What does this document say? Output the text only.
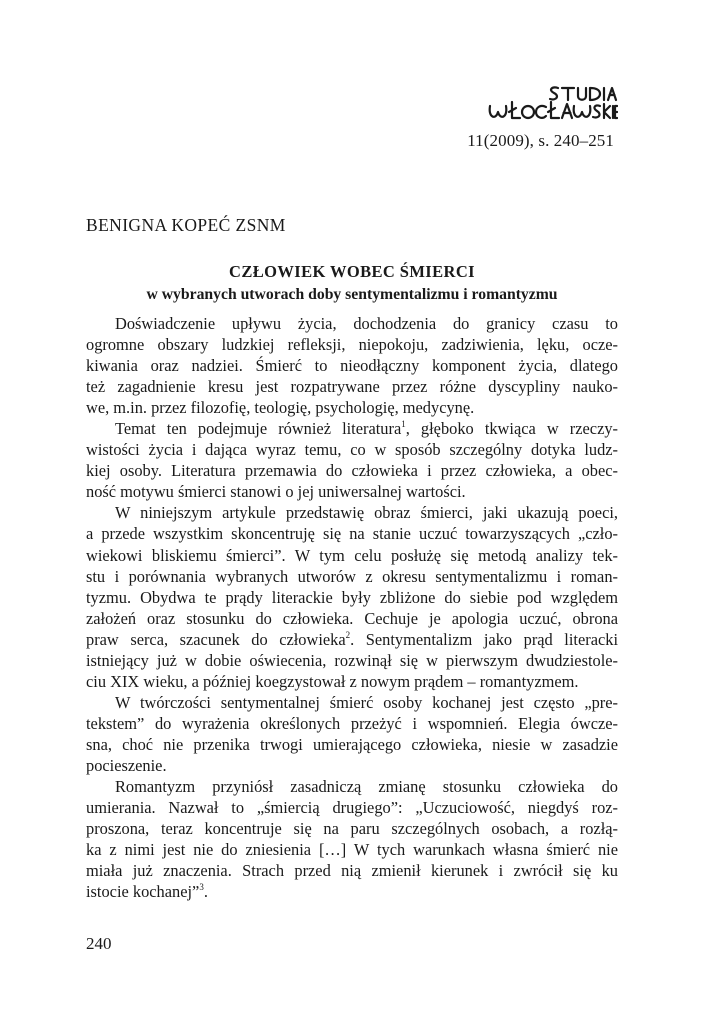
11(2009), s. 240–251
BENIGNA KOPEĆ ZSNM
CZŁOWIEK WOBEC ŚMIERCI
w wybranych utworach doby sentymentalizmu i romantyzmu
Doświadczenie upływu życia, dochodzenia do granicy czasu to
ogromne obszary ludzkiej refleksji, niepokoju, zadziwienia, lęku, ocze-
kiwania oraz nadziei. Śmierć to nieodłączny komponent życia, dlatego
też zagadnienie kresu jest rozpatrywane przez różne dyscypliny nauko-
we, m.in. przez filozofię, teologię, psychologię, medycynę.
Temat ten podejmuje również literatura$^1$, głęboko tkwiąca w rzeczy-
wistości życia i dająca wyraz temu, co w sposób szczególny dotyka ludz-
kiej osoby. Literatura przemawia do człowieka i przez człowieka, a obec-
ność motywu śmierci stanowi o jej uniwersalnej wartości.
W niniejszym artykule przedstawię obraz śmierci, jaki ukazują poeci,
a przede wszystkim skoncentruję się na stanie uczuć towarzyszących „czło-
wiekowi bliskiemu śmierci”. W tym celu posłużę się metodą analizy tek-
stu i porównania wybranych utworów z okresu sentymentalizmu i roman-
tyzmu. Obydwa te prądy literackie były zbliżone do siebie pod względem
założeń oraz stosunku do człowieka. Cechuje je apologia uczuć, obrona
praw serca, szacunek do człowieka$^2$. Sentymentalizm jako prąd literacki
istniejący już w dobie oświecenia, rozwinął się w pierwszym dwudziestole-
ciu XIX wieku, a później koegzystował z nowym prądem – romantyzmem.
W twórczości sentymentalnej śmierć osoby kochanej jest często „pre-
tekstem” do wyrażenia określonych przeżyć i wspomnień. Elegia ówcze-
sna, choć nie przenika trwogi umierającego człowieka, niesie w zasadzie
pocieszenie.
Romantyzm przyniósł zasadniczą zmianę stosunku człowieka do
umierania. Nazwał to „śmiercią drugiego”: „Uczuciowość, niegdyś roz-
proszona, teraz koncentruje się na paru szczególnych osobach, a rozłą-
ka z nimi jest nie do zniesienia […] W tych warunkach własna śmierć nie
miała już znaczenia. Strach przed nią zmienił kierunek i zwrócił się ku
istocie kochanej”$^3$.
240
